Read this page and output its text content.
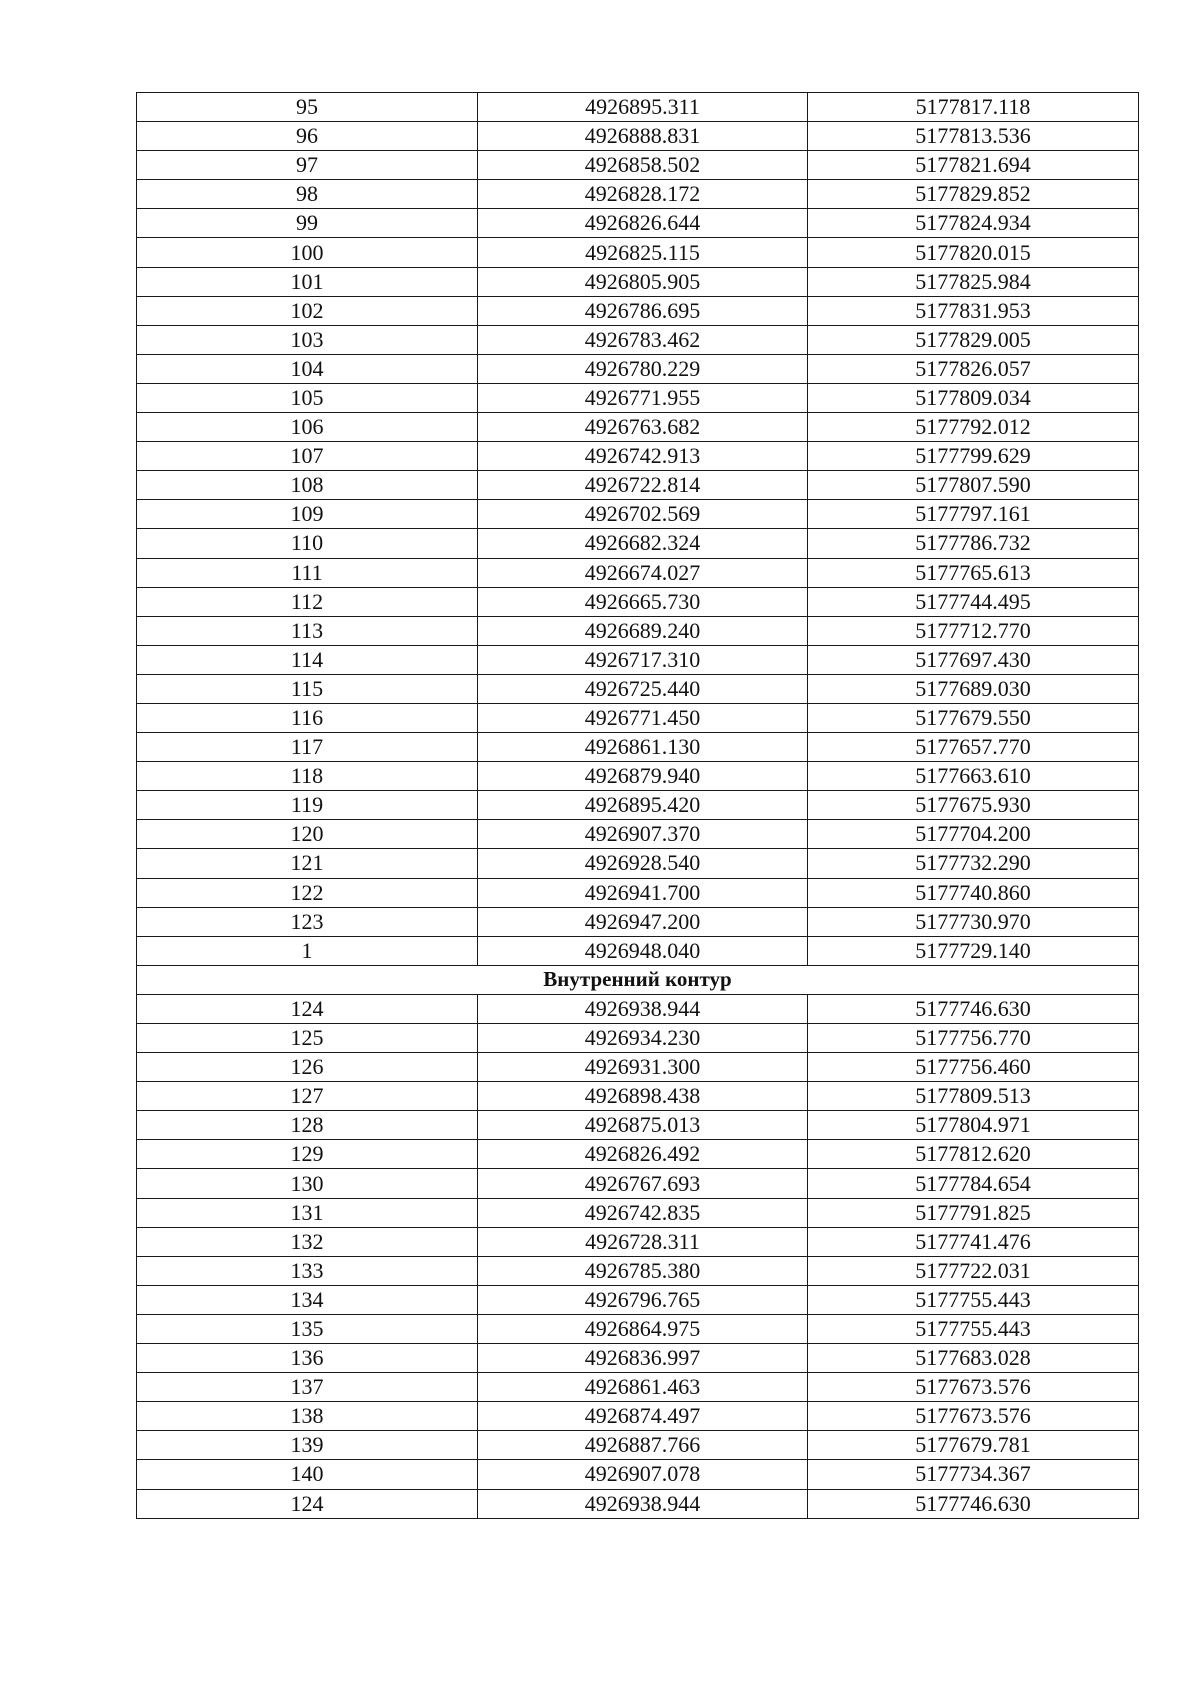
95	4926895.311	5177817.118
96	4926888.831	5177813.536
97	4926858.502	5177821.694
98	4926828.172	5177829.852
99	4926826.644	5177824.934
100	4926825.115	5177820.015
101	4926805.905	5177825.984
102	4926786.695	5177831.953
103	4926783.462	5177829.005
104	4926780.229	5177826.057
105	4926771.955	5177809.034
106	4926763.682	5177792.012
107	4926742.913	5177799.629
108	4926722.814	5177807.590
109	4926702.569	5177797.161
110	4926682.324	5177786.732
111	4926674.027	5177765.613
112	4926665.730	5177744.495
113	4926689.240	5177712.770
114	4926717.310	5177697.430
115	4926725.440	5177689.030
116	4926771.450	5177679.550
117	4926861.130	5177657.770
118	4926879.940	5177663.610
119	4926895.420	5177675.930
120	4926907.370	5177704.200
121	4926928.540	5177732.290
122	4926941.700	5177740.860
123	4926947.200	5177730.970
1	4926948.040	5177729.140
Внутренний контур		
124	4926938.944	5177746.630
125	4926934.230	5177756.770
126	4926931.300	5177756.460
127	4926898.438	5177809.513
128	4926875.013	5177804.971
129	4926826.492	5177812.620
130	4926767.693	5177784.654
131	4926742.835	5177791.825
132	4926728.311	5177741.476
133	4926785.380	5177722.031
134	4926796.765	5177755.443
135	4926864.975	5177755.443
136	4926836.997	5177683.028
137	4926861.463	5177673.576
138	4926874.497	5177673.576
139	4926887.766	5177679.781
140	4926907.078	5177734.367
124	4926938.944	5177746.630
